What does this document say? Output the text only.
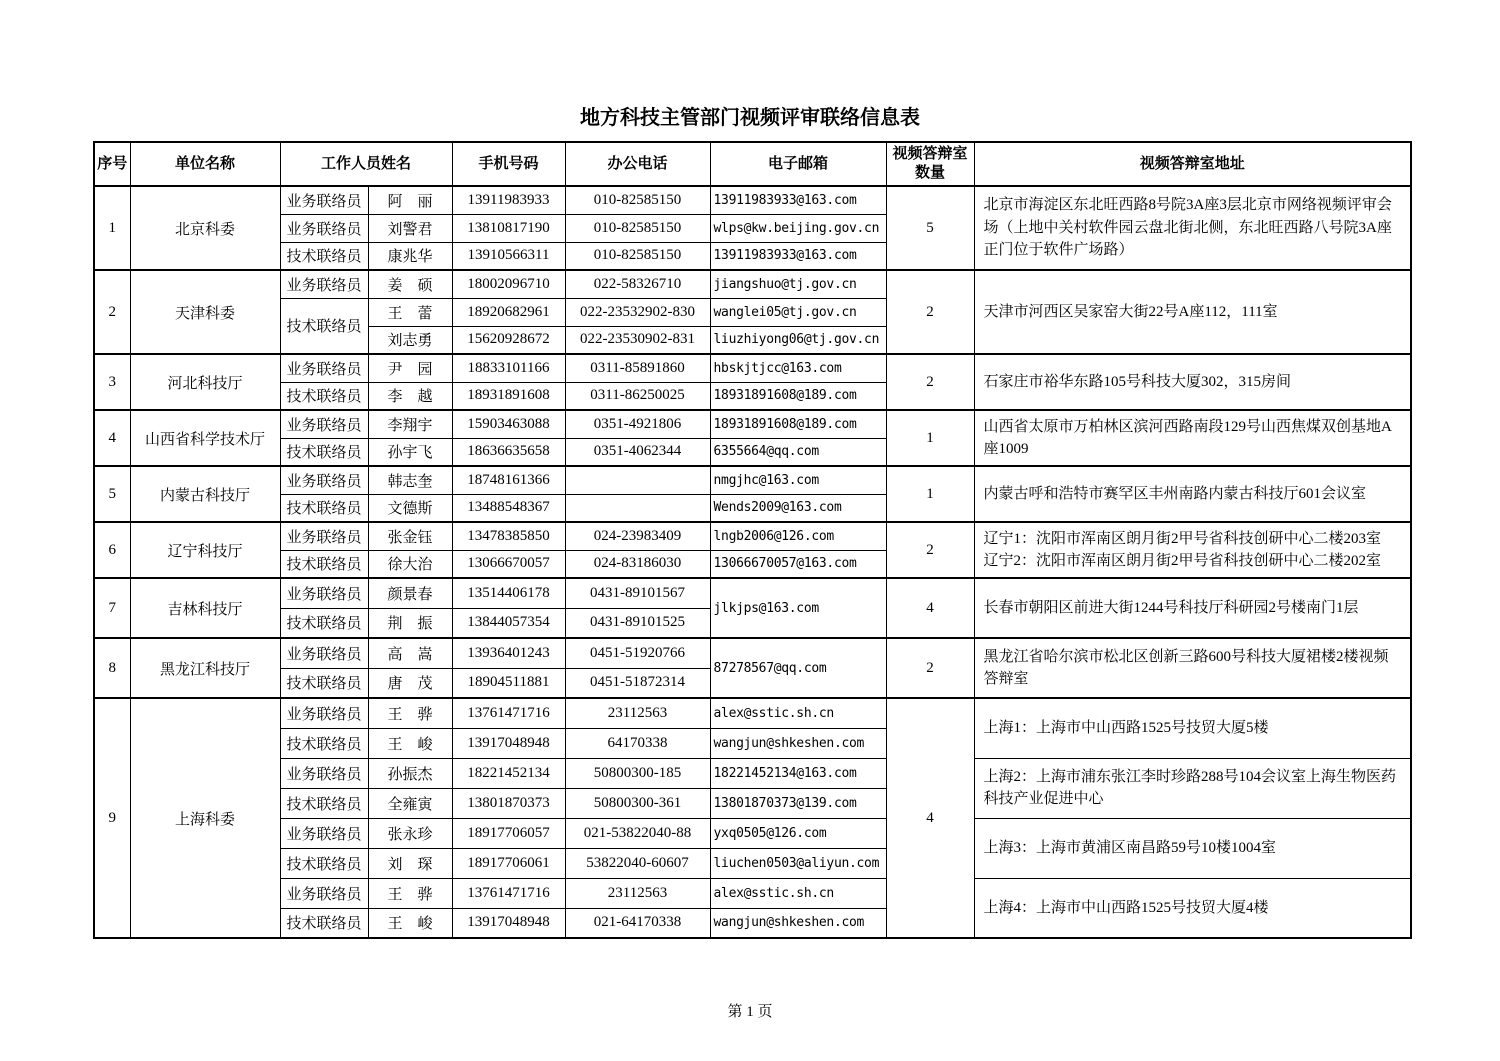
地方科技主管部门视频评审联络信息表
序号	单位名称	工作人员姓名		手机号码	办公电话	电子邮箱	视频答辩室
数量	视频答辩室地址
1	北京科委	业务联络员	阿　丽	13911983933	010-82585150	13911983933@163.com	5	北京市海淀区东北旺西路8号院3A座3层北京市网络视频评审会场（上地中关村软件园云盘北街北侧，东北旺西路八号院3A座正门位于软件广场路）
		业务联络员	刘警君	13810817190	010-82585150	wlps@kw.beijing.gov.cn		
		技术联络员	康兆华	13910566311	010-82585150	13911983933@163.com		
2	天津科委	业务联络员	姜　硕	18002096710	022-58326710	jiangshuo@tj.gov.cn	2	天津市河西区吴家窑大街22号A座112，111室
		技术联络员	王　蕾	18920682961	022-23532902-830	wanglei05@tj.gov.cn		
			刘志勇	15620928672	022-23530902-831	liuzhiyong06@tj.gov.cn		
3	河北科技厅	业务联络员	尹　园	18833101166	0311-85891860	hbskjtjcc@163.com	2	石家庄市裕华东路105号科技大厦302，315房间
		技术联络员	李　越	18931891608	0311-86250025	18931891608@189.com		
4	山西省科学技术厅	业务联络员	李翔宇	15903463088	0351-4921806	18931891608@189.com	1	山西省太原市万柏林区滨河西路南段129号山西焦煤双创基地A座1009
		技术联络员	孙宇飞	18636635658	0351-4062344	6355664@qq.com		
5	内蒙古科技厅	业务联络员	韩志奎	18748161366		nmgjhc@163.com	1	内蒙古呼和浩特市赛罕区丰州南路内蒙古科技厅601会议室
		技术联络员	文德斯	13488548367		Wends2009@163.com		
6	辽宁科技厅	业务联络员	张金钰	13478385850	024-23983409	lngb2006@126.com	2	辽宁1：沈阳市浑南区朗月街2甲号省科技创研中心二楼203室
辽宁2：沈阳市浑南区朗月街2甲号省科技创研中心二楼202室

		技术联络员	徐大治	13066670057	024-83186030	13066670057@163.com		
7	吉林科技厅	业务联络员	颜景春	13514406178	0431-89101567	jlkjps@163.com	4	长春市朝阳区前进大街1244号科技厅科研园2号楼南门1层
		技术联络员	荆　振	13844057354	0431-89101525			
8	黑龙江科技厅	业务联络员	高　嵩	13936401243	0451-51920766	87278567@qq.com	2	黑龙江省哈尔滨市松北区创新三路600号科技大厦裙楼2楼视频答辩室
		技术联络员	唐　茂	18904511881	0451-51872314			
9	上海科委	业务联络员	王　骅	13761471716	23112563	alex@sstic.sh.cn	4	上海1：上海市中山西路1525号技贸大厦5楼
		技术联络员	王　峻	13917048948	64170338	wangjun@shkeshen.com		
		业务联络员	孙振杰	18221452134	50800300-185	18221452134@163.com		上海2：上海市浦东张江李时珍路288号104会议室上海生物医药科技产业促进中心
		技术联络员	全雍寅	13801870373	50800300-361	13801870373@139.com		
		业务联络员	张永珍	18917706057	021-53822040-88	yxq0505@126.com		上海3：上海市黄浦区南昌路59号10楼1004室
		技术联络员	刘　琛	18917706061	53822040-60607	liuchen0503@aliyun.com		
		业务联络员	王　骅	13761471716	23112563	alex@sstic.sh.cn		上海4：上海市中山西路1525号技贸大厦4楼
		技术联络员	王　峻	13917048948	021-64170338	wangjun@shkeshen.com		
第 1 页
